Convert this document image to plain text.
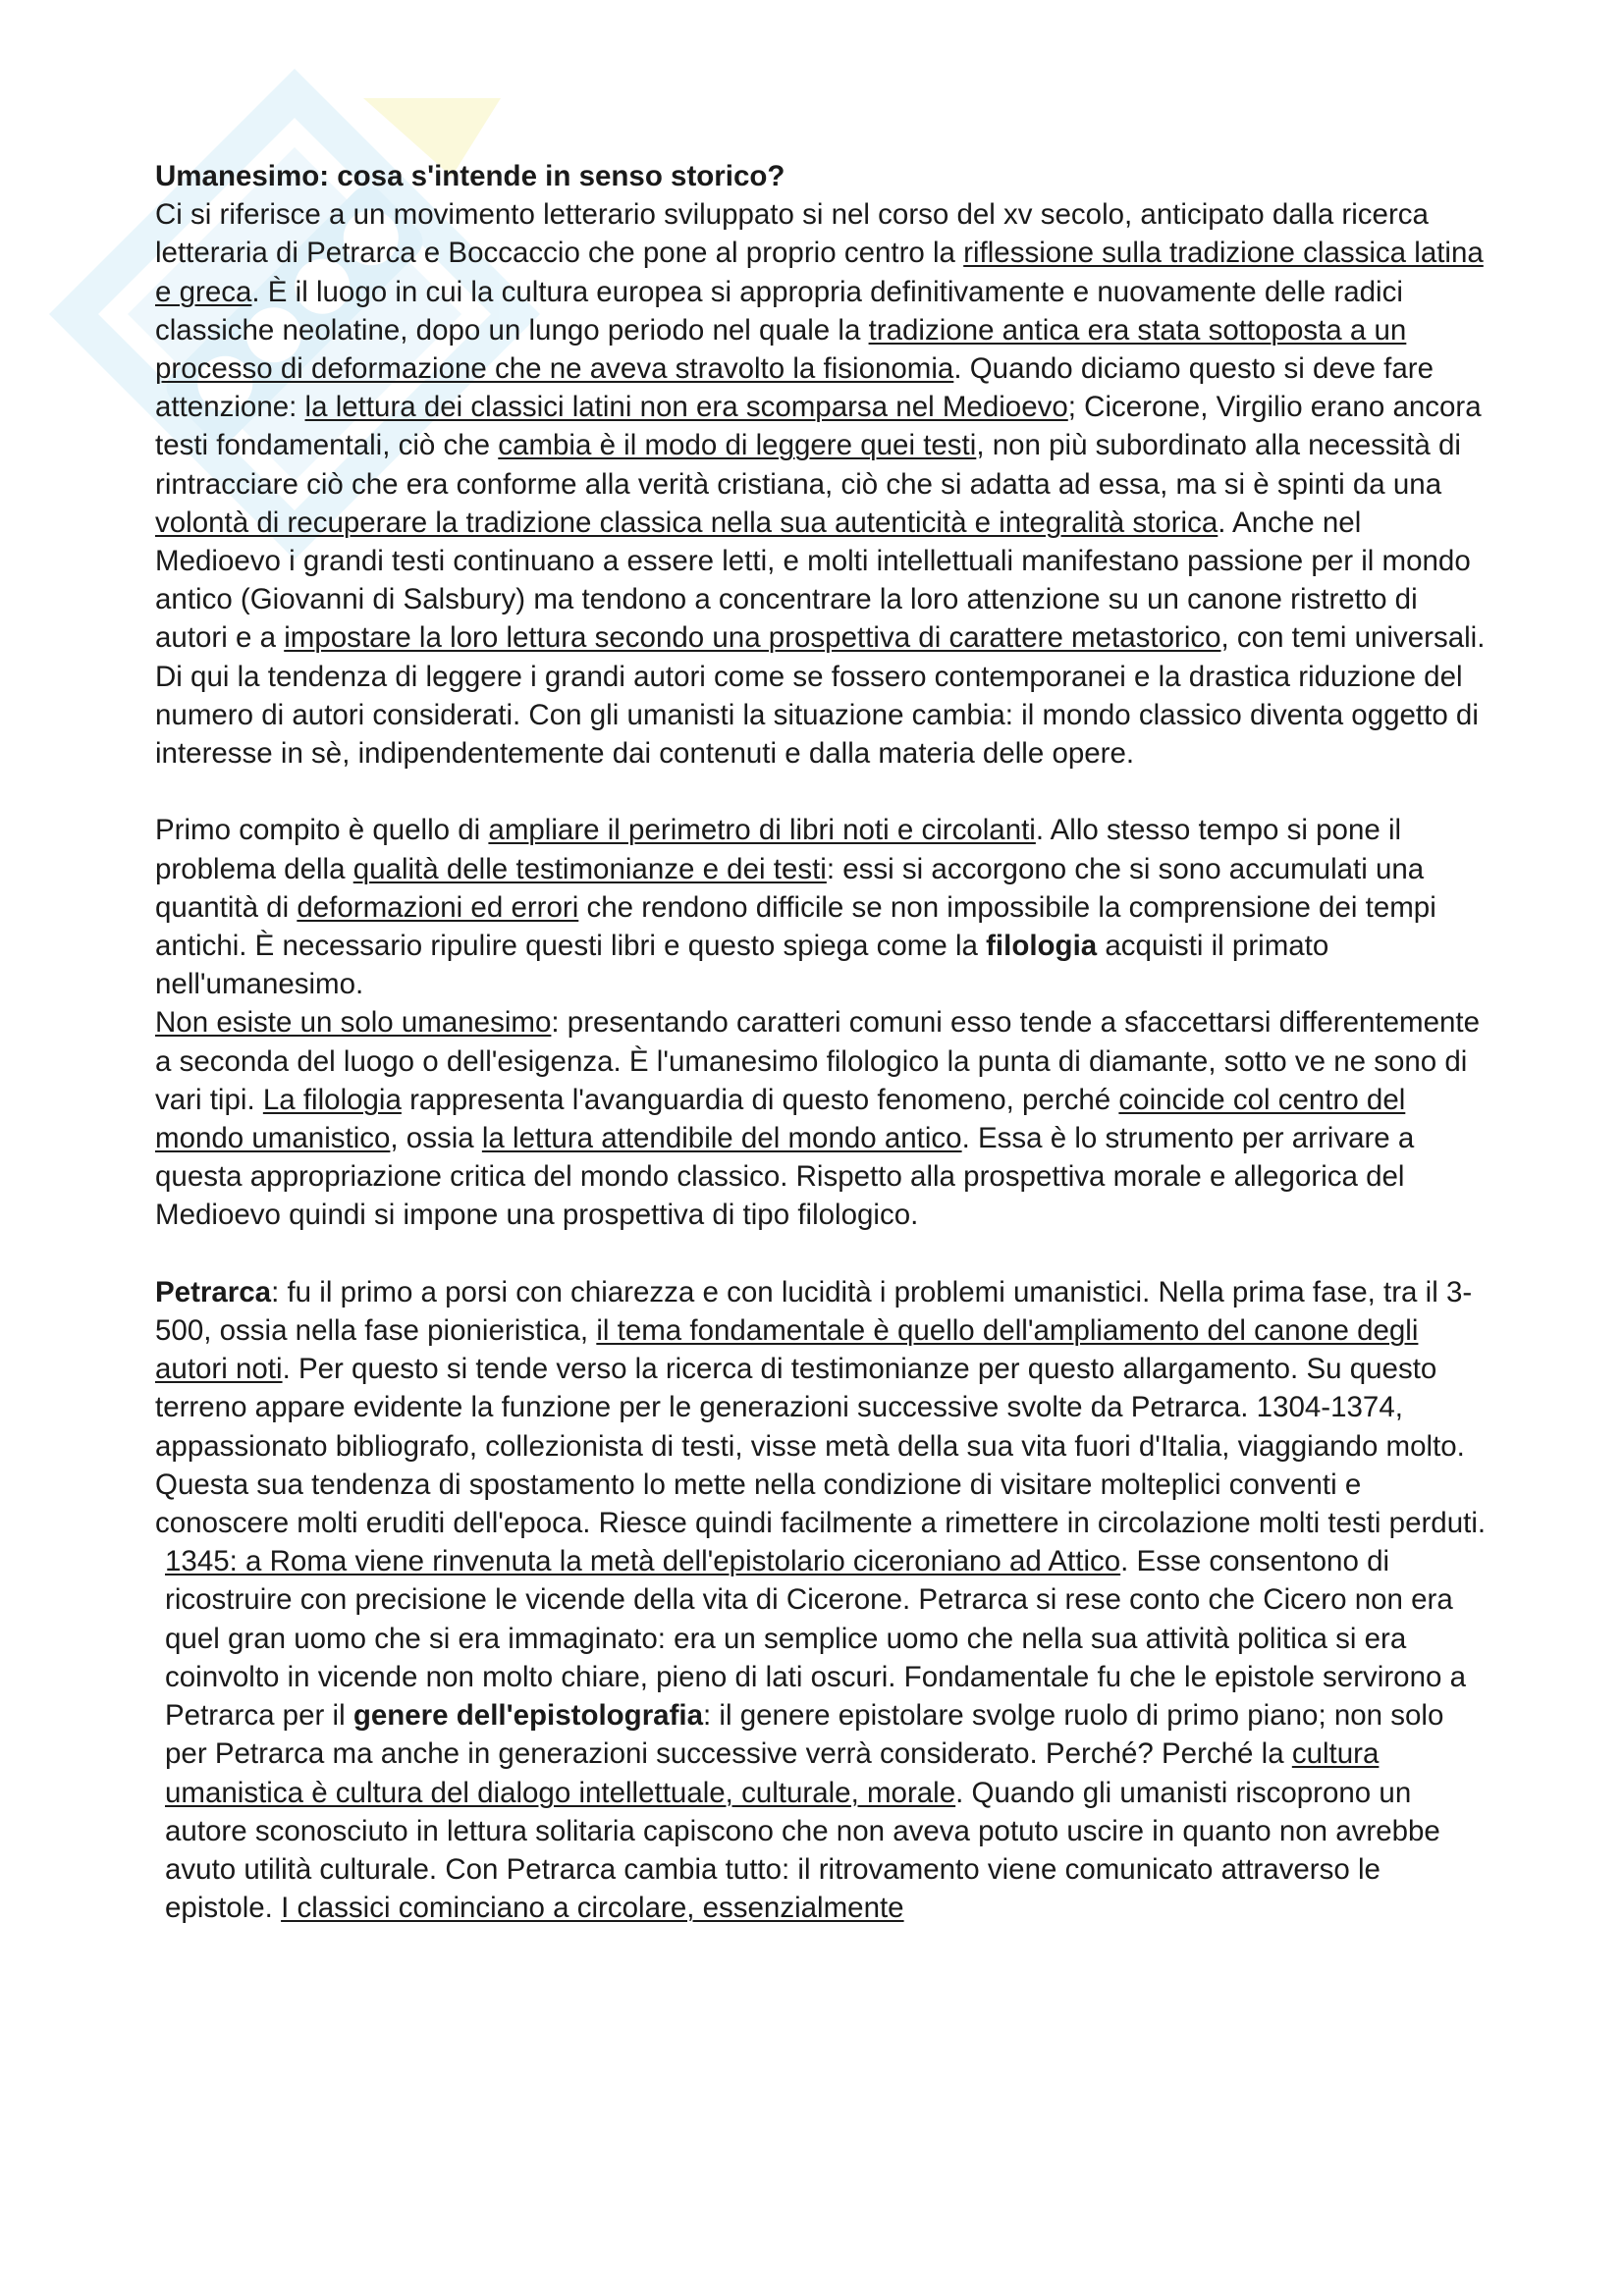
Umanesimo: cosa s'intende in senso storico?

Ci si riferisce a un movimento letterario sviluppato si nel corso del xv secolo, anticipato dalla ricerca letteraria di Petrarca e Boccaccio che pone al proprio centro la riflessione sulla tradizione classica latina e greca. È il luogo in cui la cultura europea si appropria definitivamente e nuovamente delle radici classiche neolatine, dopo un lungo periodo nel quale la tradizione antica era stata sottoposta a un processo di deformazione che ne aveva stravolto la fisionomia. Quando diciamo questo si deve fare attenzione: la lettura dei classici latini non era scomparsa nel Medioevo; Cicerone, Virgilio erano ancora testi fondamentali, ciò che cambia è il modo di leggere quei testi, non più subordinato alla necessità di rintracciare ciò che era conforme alla verità cristiana, ciò che si adatta ad essa, ma si è spinti da una volontà di recuperare la tradizione classica nella sua autenticità e integralità storica. Anche nel Medioevo i grandi testi continuano a essere letti, e molti intellettuali manifestano passione per il mondo antico (Giovanni di Salsbury) ma tendono a concentrare la loro attenzione su un canone ristretto di autori e a impostare la loro lettura secondo una prospettiva di carattere metastorico, con temi universali. Di qui la tendenza di leggere i grandi autori come se fossero contemporanei e la drastica riduzione del numero di autori considerati. Con gli umanisti la situazione cambia: il mondo classico diventa oggetto di interesse in sè, indipendentemente dai contenuti e dalla materia delle opere.

Primo compito è quello di ampliare il perimetro di libri noti e circolanti. Allo stesso tempo si pone il problema della qualità delle testimonianze e dei testi: essi si accorgono che si sono accumulati una quantità di deformazioni ed errori che rendono difficile se non impossibile la comprensione dei tempi antichi. È necessario ripulire questi libri e questo spiega come la filologia acquisti il primato nell'umanesimo.

Non esiste un solo umanesimo: presentando caratteri comuni esso tende a sfaccettarsi differentemente a seconda del luogo o dell'esigenza. È l'umanesimo filologico la punta di diamante, sotto ve ne sono di vari tipi. La filologia rappresenta l'avanguardia di questo fenomeno, perché coincide col centro del mondo umanistico, ossia la lettura attendibile del mondo antico. Essa è lo strumento per arrivare a questa appropriazione critica del mondo classico. Rispetto alla prospettiva morale e allegorica del Medioevo quindi si impone una prospettiva di tipo filologico.

Petrarca: fu il primo a porsi con chiarezza e con lucidità i problemi umanistici. Nella prima fase, tra il 3-500, ossia nella fase pionieristica, il tema fondamentale è quello dell'ampliamento del canone degli autori noti. Per questo si tende verso la ricerca di testimonianze per questo allargamento. Su questo terreno appare evidente la funzione per le generazioni successive svolte da Petrarca. 1304-1374, appassionato bibliografo, collezionista di testi, visse metà della sua vita fuori d'Italia, viaggiando molto. Questa sua tendenza di spostamento lo mette nella condizione di visitare molteplici conventi e conoscere molti eruditi dell'epoca. Riesce quindi facilmente a rimettere in circolazione molti testi perduti.

1345: a Roma viene rinvenuta la metà dell'epistolario ciceroniano ad Attico. Esse consentono di ricostruire con precisione le vicende della vita di Cicerone. Petrarca si rese conto che Cicero non era quel gran uomo che si era immaginato: era un semplice uomo che nella sua attività politica si era coinvolto in vicende non molto chiare, pieno di lati oscuri. Fondamentale fu che le epistole servirono a Petrarca per il genere dell'epistolografia: il genere epistolare svolge ruolo di primo piano; non solo per Petrarca ma anche in generazioni successive verrà considerato. Perché? Perché la cultura umanistica è cultura del dialogo intellettuale, culturale, morale. Quando gli umanisti riscoprono un autore sconosciuto in lettura solitaria capiscono che non aveva potuto uscire in quanto non avrebbe avuto utilità culturale. Con Petrarca cambia tutto: il ritrovamento viene comunicato attraverso le epistole. I classici cominciano a circolare, essenzialmente
